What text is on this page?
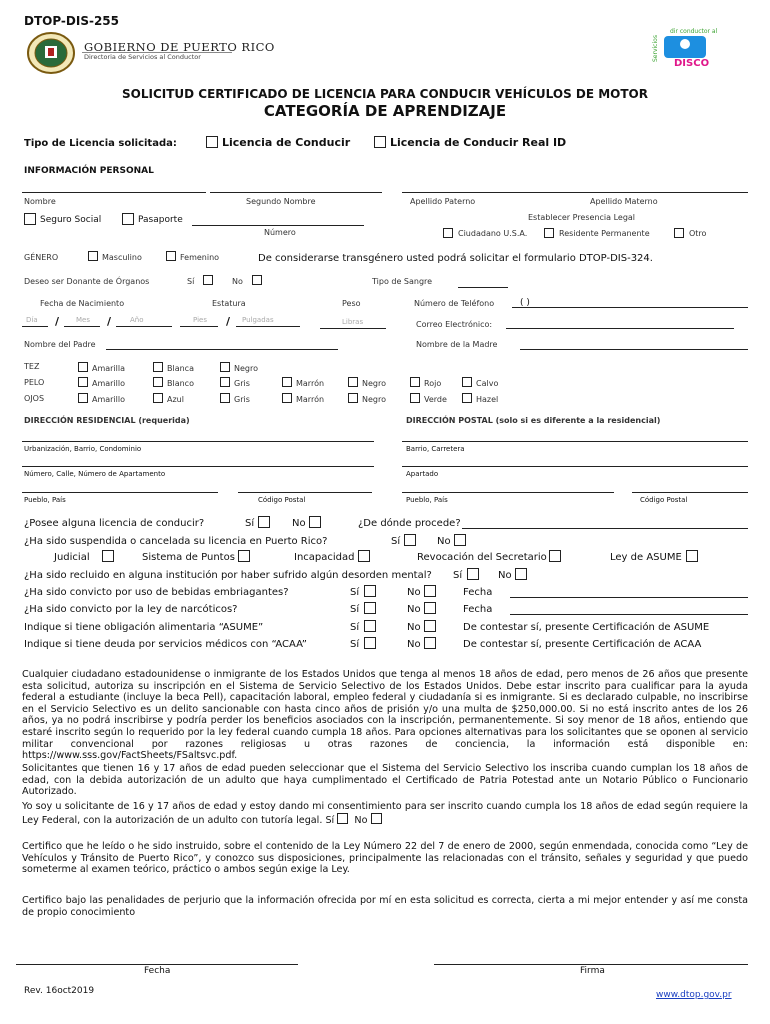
DTOP-DIS-255
GOBIERNO DE PUERTO RICO
Directoria de Servicios al Conductor
dir conductor al
Servicios
DISCO
SOLICITUD CERTIFICADO DE LICENCIA PARA CONDUCIR VEHÍCULOS DE MOTOR
CATEGORÍA DE APRENDIZAJE
Tipo de Licencia solicitada:	Licencia de Conducir	Licencia de Conducir Real ID
INFORMACIÓN PERSONAL
Nombre	Segundo Nombre	Apellido Paterno	Apellido Materno
Seguro Social	Pasaporte
Número
Establecer Presencia Legal
Ciudadano U.S.A.	Residente Permanente	Otro
GÉNERO	Masculino	Femenino	De considerarse transgénero usted podrá solicitar el formulario DTOP-DIS-324.
Deseo ser Donante de Órganos	Sí	No	Tipo de Sangre
Fecha de Nacimiento	Estatura	Peso	Número de Teléfono	( )
Día	Mes	Año
/	/	Pies	Pulgadas
/	Libras	Correo Electrónico:
Nombre del Padre	Nombre de la Madre
TEZ	Amarilla	Blanca	Negro
PELO	Amarillo	Blanco	Gris	Marrón	Negro	Rojo	Calvo
OJOS	Amarillo	Azul	Gris	Marrón	Negro	Verde	Hazel
DIRECCIÓN RESIDENCIAL (requerida)	DIRECCIÓN POSTAL (solo si es diferente a la residencial)
Urbanización, Barrio, Condominio	Barrio, Carretera
Número, Calle, Número de Apartamento	Apartado
Pueblo, País	Código Postal	Pueblo, País	Código Postal
¿Posee alguna licencia de conducir?	Sí	No	¿De dónde procede?
¿Ha sido suspendida o cancelada su licencia en Puerto Rico?	Sí	No
Judicial	Sistema de Puntos	Incapacidad	Revocación del Secretario	Ley de ASUME
¿Ha sido recluido en alguna institución por haber sufrido algún desorden mental? Sí	No
¿Ha sido convicto por uso de bebidas embriagantes?	Sí	No	Fecha
¿Ha sido convicto por la ley de narcóticos?	Sí	No	Fecha
Indique si tiene obligación alimentaria “ASUME”	Sí	No	De contestar sí, presente Certificación de ASUME
Indique si tiene deuda por servicios médicos con “ACAA”	Sí	No	De contestar sí, presente Certificación de ACAA
Cualquier ciudadano estadounidense o inmigrante de los Estados Unidos que tenga al menos 18 años de edad, pero menos de 26 años que presente esta solicitud, autoriza su inscripción en el Sistema de Servicio Selectivo de los Estados Unidos. Debe estar inscrito para cualificar para la ayuda federal a estudiante (incluye la beca Pell), capacitación laboral, empleo federal y ciudadanía si es inmigrante. Si es declarado culpable, no inscribirse en el Servicio Selectivo es un delito sancionable con hasta cinco años de prisión y/o una multa de $250,000.00. Si no está inscrito antes de los 26 años, ya no podrá inscribirse y podría perder los beneficios asociados con la inscripción, permanentemente. Si soy menor de 18 años, entiendo que estaré inscrito según lo requerido por la ley federal cuando cumpla 18 años. Para opciones alternativas para los solicitantes que se oponen al servicio militar convencional por razones religiosas u otras razones de conciencia, la información está disponible en: https://www.sss.gov/FactSheets/FSaltsvc.pdf.
Solicitantes que tienen 16 y 17 años de edad pueden seleccionar que el Sistema del Servicio Selectivo los inscriba cuando cumplan los 18 años de edad, con la debida autorización de un adulto que haya cumplimentado el Certificado de Patria Potestad ante un Notario Público o Funcionario Autorizado.
Yo soy u solicitante de 16 y 17 años de edad y estoy dando mi consentimiento para ser inscrito cuando cumpla los 18 años de edad según requiere la Ley Federal, con la autorización de un adulto con tutoría legal. Sí No
Certifico que he leído o he sido instruido, sobre el contenido de la Ley Número 22 del 7 de enero de 2000, según enmendada, conocida como “Ley de Vehículos y Tránsito de Puerto Rico”, y conozco sus disposiciones, principalmente las relacionadas con el tránsito, señales y seguridad y que puedo someterme al examen teórico, práctico o ambos según exige la Ley.
Certifico bajo las penalidades de perjurio que la información ofrecida por mí en esta solicitud es correcta, cierta a mi mejor entender y así me consta de propio conocimiento
Fecha	Firma
Rev. 16oct2019	www.dtop.gov.pr
